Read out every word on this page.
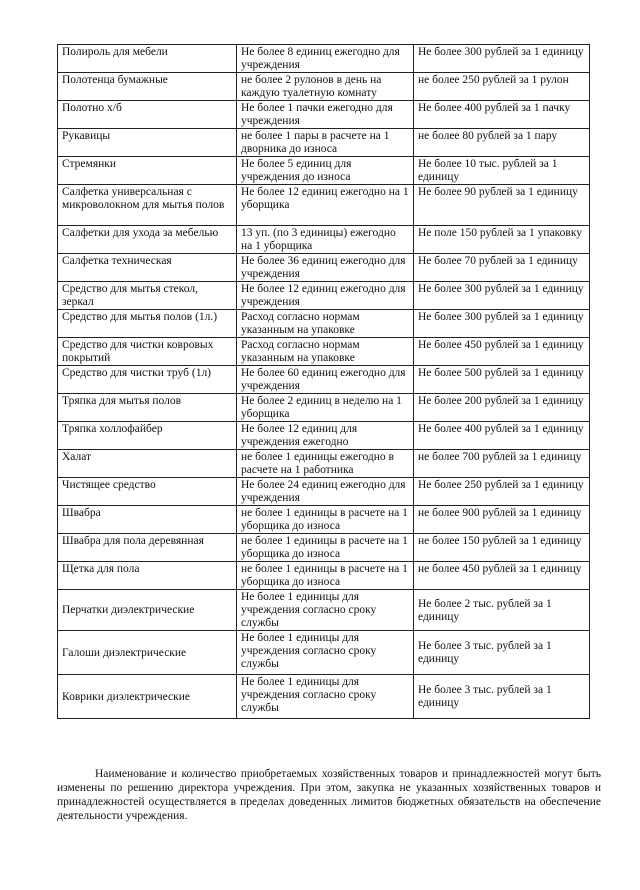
Полироль для мебели	Не более 8 единиц ежегодно для учреждения	Не более 300 рублей за 1 единицу
Полотенца бумажные	не более 2 рулонов в день на каждую туалетную комнату	не более 250 рублей за 1 рулон
Полотно х/б	Не более 1 пачки ежегодно для учреждения	Не более 400 рублей за 1 пачку
Рукавицы	не более 1 пары в расчете на 1 дворника до износа	не более 80 рублей за 1 пару
Стремянки	Не более 5 единиц для учреждения до износа	Не более 10 тыс. рублей за 1 единицу
Салфетка универсальная с микроволокном для мытья полов	Не более 12 единиц ежегодно на 1 уборщика	Не более 90 рублей за 1 единицу
Салфетки для ухода за мебелью	13 уп. (по 3 единицы) ежегодно на 1 уборщика	Не поле 150 рублей за 1 упаковку
Салфетка техническая	Не более 36 единиц ежегодно для учреждения	Не более 70 рублей за 1 единицу
Средство для мытья стекол, зеркал	Не более 12 единиц ежегодно для учреждения	Не более 300 рублей за 1 единицу
Средство для мытья полов (1л.)	Расход согласно нормам указанным на упаковке	Не более 300 рублей за 1 единицу
Средство для чистки ковровых покрытий	Расход согласно нормам указанным на упаковке	Не более 450 рублей за 1 единицу
Средство для чистки труб (1л)	Не более 60 единиц ежегодно для учреждения	Не более 500 рублей за 1 единицу
Тряпка для мытья полов	Не более 2 единиц в неделю на 1 уборщика	Не более 200 рублей за 1 единицу
Тряпка холлофайбер	Не более 12 единиц для учреждения ежегодно	Не более 400 рублей за 1 единицу
Халат	не более 1 единицы ежегодно в расчете на 1 работника	не более 700 рублей за 1 единицу
Чистящее средство	Не более 24 единиц ежегодно для учреждения	Не более 250 рублей за 1 единицу
Швабра	не более 1 единицы в расчете на 1 уборщика до износа	не более 900 рублей за 1 единицу
Швабра для пола деревянная	не более 1 единицы в расчете на 1 уборщика до износа	не более 150 рублей за 1 единицу
Щетка для пола	не более 1 единицы в расчете на 1 уборщика до износа	не более 450 рублей за 1 единицу
Перчатки диэлектрические	Не более 1 единицы для учреждения согласно сроку службы	Не более 2 тыс. рублей за 1 единицу
Галоши диэлектрические	Не более 1 единицы для учреждения согласно сроку службы	Не более 3 тыс. рублей за 1 единицу
Коврики диэлектрические	Не более 1 единицы для учреждения согласно сроку службы	Не более 3 тыс. рублей за 1 единицу

Наименование и количество приобретаемых хозяйственных товаров и принадлежностей могут быть изменены по решению директора учреждения. При этом, закупка не указанных хозяйственных товаров и принадлежностей осуществляется в пределах доведенных лимитов бюджетных обязательств на обеспечение деятельности учреждения.
